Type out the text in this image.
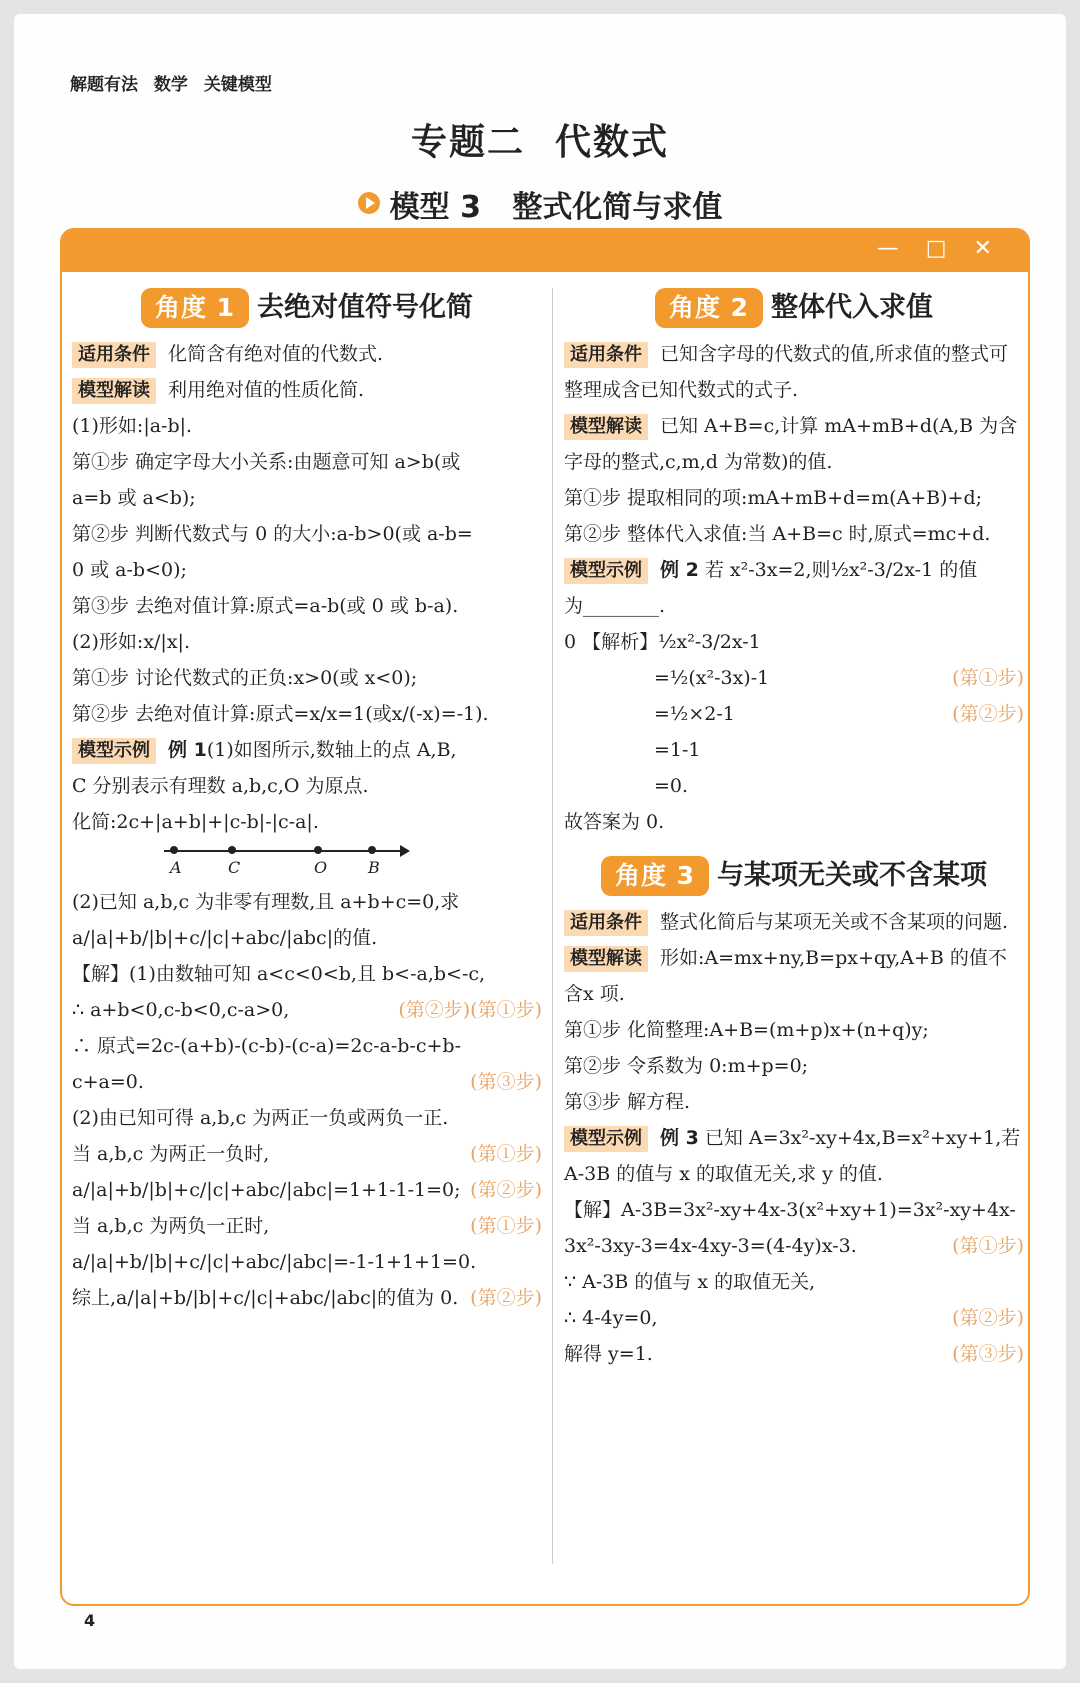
解题有法 数学 关键模型
专题二 代数式
模型 3 整式化简与求值
— □ ✕
角度 1 去绝对值符号化简
适用条件 化简含有绝对值的代数式.
模型解读 利用绝对值的性质化简.
(1)形如:|a-b|.
第①步 确定字母大小关系:由题意可知 a>b(或
a=b 或 a<b);
第②步 判断代数式与 0 的大小:a-b>0(或 a-b=
0 或 a-b<0);
第③步 去绝对值计算:原式=a-b(或 0 或 b-a).
(2)形如:x/|x|.
第①步 讨论代数式的正负:x>0(或 x<0);
第②步 去绝对值计算:原式=x/x=1(或x/(-x)=-1).
模型示例 例 1(1)如图所示,数轴上的点 A,B,
C 分别表示有理数 a,b,c,O 为原点.
化简:2c+|a+b|+|c-b|-|c-a|.
A	C	O	B
(2)已知 a,b,c 为非零有理数,且 a+b+c=0,求
a/|a|+b/|b|+c/|c|+abc/|abc|的值.
【解】(1)由数轴可知 a<c<0<b,且 b<-a,b<-c,
(第①步)
∴ a+b<0,c-b<0,c-a>0,	(第②步)
∴ 原式=2c-(a+b)-(c-b)-(c-a)=2c-a-b-c+b-
c+a=0.	(第③步)
(2)由已知可得 a,b,c 为两正一负或两负一正.
当 a,b,c 为两正一负时,	(第①步)
a/|a|+b/|b|+c/|c|+abc/|abc|=1+1-1-1=0; (第②步)
当 a,b,c 为两负一正时,	(第①步)
a/|a|+b/|b|+c/|c|+abc/|abc|=-1-1+1+1=0.
(第②步)
综上,a/|a|+b/|b|+c/|c|+abc/|abc|的值为 0.
角度 2 整体代入求值
适用条件 已知含字母的代数式的值,所求值的整式可整理成含已知代数式的式子.
模型解读 已知 A+B=c,计算 mA+mB+d(A,B 为含字母的整式,c,m,d 为常数)的值.
第①步 提取相同的项:mA+mB+d=m(A+B)+d;
第②步 整体代入求值:当 A+B=c 时,原式=mc+d.
模型示例 例 2 若 x²-3x=2,则½x²-3/2x-1 的值
为________.
0 【解析】½x²-3/2x-1
=½(x²-3x)-1	(第①步)
=½×2-1	(第②步)
=1-1
=0.
故答案为 0.
角度 3 与某项无关或不含某项
适用条件 整式化简后与某项无关或不含某项的问题.
模型解读 形如:A=mx+ny,B=px+qy,A+B 的值不含x 项.
第①步 化简整理:A+B=(m+p)x+(n+q)y;
第②步 令系数为 0:m+p=0;
第③步 解方程.
模型示例 例 3 已知 A=3x²-xy+4x,B=x²+xy+1,若 A-3B 的值与 x 的取值无关,求 y 的值.
【解】A-3B=3x²-xy+4x-3(x²+xy+1)=3x²-xy+4x-
3x²-3xy-3=4x-4xy-3=(4-4y)x-3.	(第①步)
∵ A-3B 的值与 x 的取值无关,
∴ 4-4y=0,	(第②步)
解得 y=1.	(第③步)
4
